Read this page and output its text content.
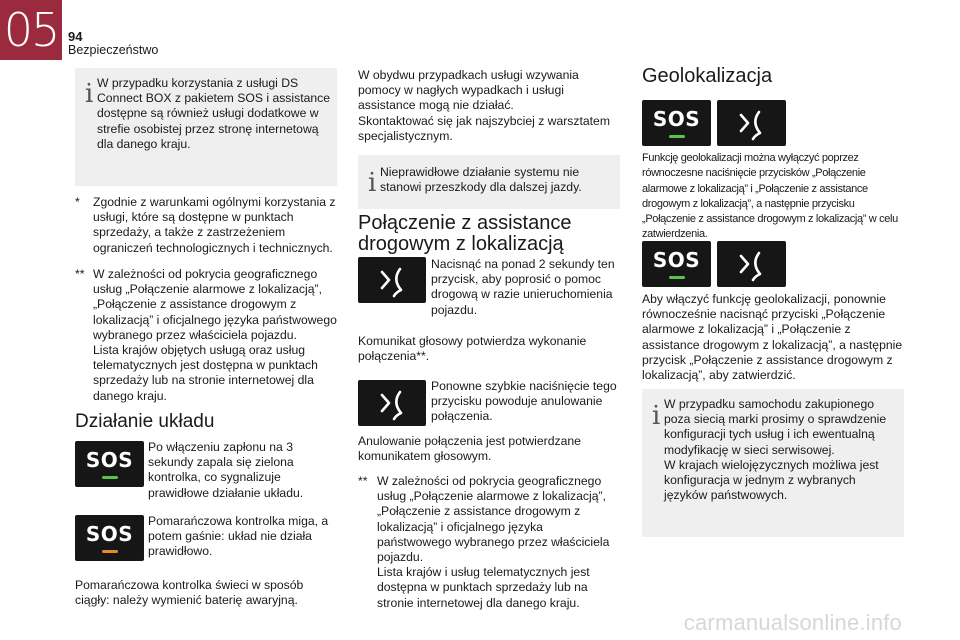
05 94
Bezpieczeństwo
i W przypadku korzystania z usługi DS Connect BOX z pakietem SOS i assistance dostępne są również usługi dodatkowe w strefie osobistej przez stronę internetową dla danego kraju.
* Zgodnie z warunkami ogólnymi korzystania z usługi, które są dostępne w punktach sprzedaży, a także z zastrzeżeniem ograniczeń technologicznych i technicznych.
** W zależności od pokrycia geograficznego usług „Połączenie alarmowe z lokalizacją”, „Połączenie z assistance drogowym z lokalizacją” i oficjalnego języka państwowego wybranego przez właściciela pojazdu.
Lista krajów objętych usługą oraz usług telematycznych jest dostępna w punktach sprzedaży lub na stronie internetowej dla danego kraju.
Działanie układu
SOS
Po włączeniu zapłonu na 3 sekundy zapala się zielona kontrolka, co sygnalizuje prawidłowe działanie układu.
SOS
Pomarańczowa kontrolka miga, a potem gaśnie: układ nie działa prawidłowo.
Pomarańczowa kontrolka świeci w sposób ciągły: należy wymienić baterię awaryjną.
W obydwu przypadkach usługi wzywania pomocy w nagłych wypadkach i usługi assistance mogą nie działać.
Skontaktować się jak najszybciej z warsztatem specjalistycznym.
i Nieprawidłowe działanie systemu nie stanowi przeszkody dla dalszej jazdy.
Połączenie z assistance drogowym z lokalizacją
Nacisnąć na ponad 2 sekundy ten przycisk, aby poprosić o pomoc drogową w razie unieruchomienia pojazdu.
Komunikat głosowy potwierdza wykonanie połączenia**.
Ponowne szybkie naciśnięcie tego przycisku powoduje anulowanie połączenia.
Anulowanie połączenia jest potwierdzane komunikatem głosowym.
** W zależności od pokrycia geograficznego usług „Połączenie alarmowe z lokalizacją”, „Połączenie z assistance drogowym z lokalizacją” i oficjalnego języka państwowego wybranego przez właściciela pojazdu.
Lista krajów i usług telematycznych jest dostępna w punktach sprzedaży lub na stronie internetowej dla danego kraju.
Geolokalizacja
SOS
Funkcję geolokalizacji można wyłączyć poprzez równoczesne naciśnięcie przycisków „Połączenie alarmowe z lokalizacją” i „Połączenie z assistance drogowym z lokalizacją”, a następnie przycisku „Połączenie z assistance drogowym z lokalizacją” w celu zatwierdzenia.
SOS
Aby włączyć funkcję geolokalizacji, ponownie równocześnie nacisnąć przyciski „Połączenie alarmowe z lokalizacją” i „Połączenie z assistance drogowym z lokalizacją”, a następnie przycisk „Połączenie z assistance drogowym z lokalizacją”, aby zatwierdzić.
i W przypadku samochodu zakupionego poza siecią marki prosimy o sprawdzenie konfiguracji tych usług i ich ewentualną modyfikację w sieci serwisowej.
W krajach wielojęzycznych możliwa jest konfiguracja w jednym z wybranych języków państwowych.
carmanualsonline.info
